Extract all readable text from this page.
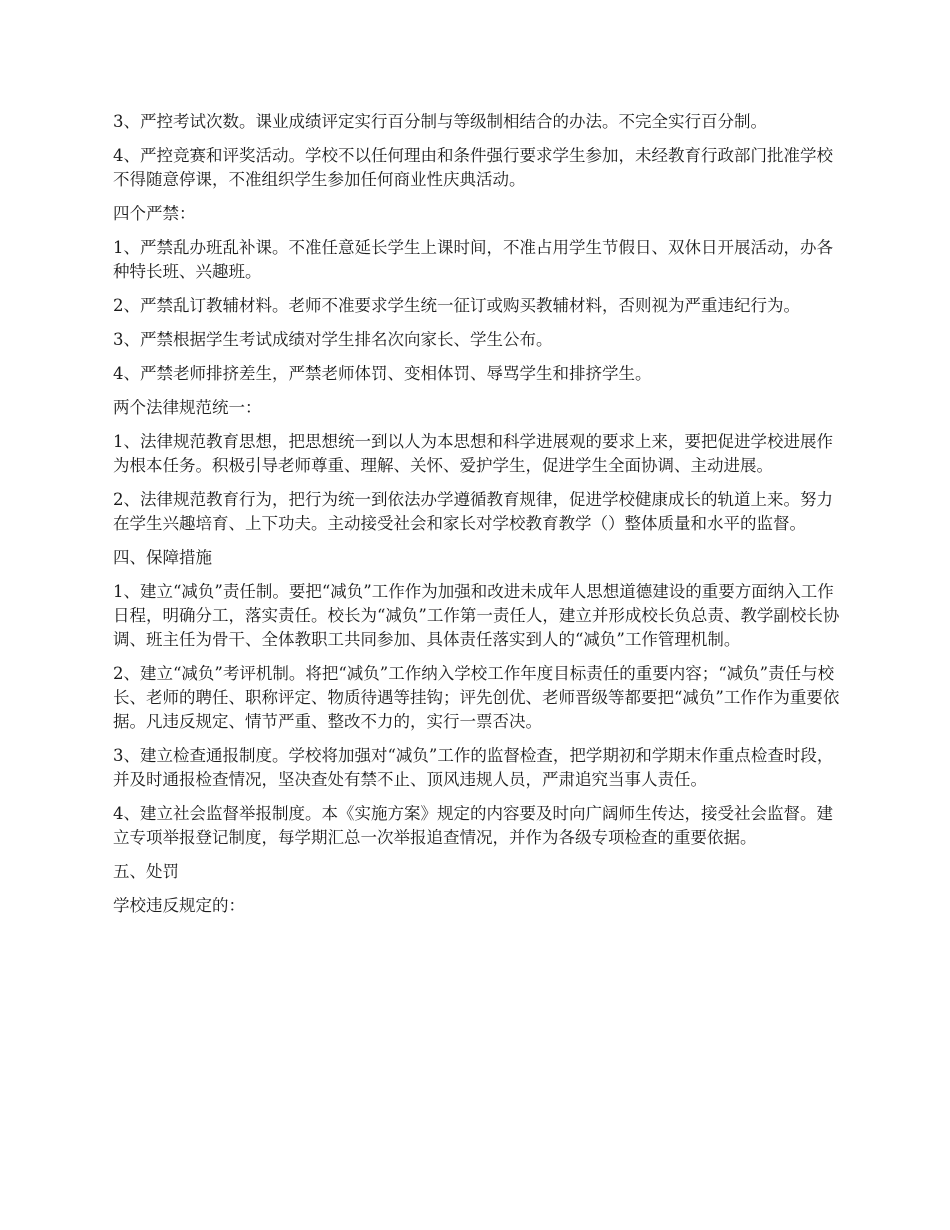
3、严控考试次数。课业成绩评定实行百分制与等级制相结合的办法。不完全实行百分制。

4、严控竞赛和评奖活动。学校不以任何理由和条件强行要求学生参加，未经教育行政部门批准学校不得随意停课，不准组织学生参加任何商业性庆典活动。

四个严禁：

1、严禁乱办班乱补课。不准任意延长学生上课时间，不准占用学生节假日、双休日开展活动，办各种特长班、兴趣班。

2、严禁乱订教辅材料。老师不准要求学生统一征订或购买教辅材料，否则视为严重违纪行为。

3、严禁根据学生考试成绩对学生排名次向家长、学生公布。

4、严禁老师排挤差生，严禁老师体罚、变相体罚、辱骂学生和排挤学生。

两个法律规范统一：

1、法律规范教育思想，把思想统一到以人为本思想和科学进展观的要求上来，要把促进学校进展作为根本任务。积极引导老师尊重、理解、关怀、爱护学生，促进学生全面协调、主动进展。

2、法律规范教育行为，把行为统一到依法办学遵循教育规律，促进学校健康成长的轨道上来。努力在学生兴趣培育、上下功夫。主动接受社会和家长对学校教育教学（）整体质量和水平的监督。

四、保障措施

1、建立“减负”责任制。要把“减负”工作作为加强和改进未成年人思想道德建设的重要方面纳入工作日程，明确分工，落实责任。校长为“减负”工作第一责任人，建立并形成校长负总责、教学副校长协调、班主任为骨干、全体教职工共同参加、具体责任落实到人的“减负”工作管理机制。

2、建立“减负”考评机制。将把“减负”工作纳入学校工作年度目标责任的重要内容；“减负”责任与校长、老师的聘任、职称评定、物质待遇等挂钩；评先创优、老师晋级等都要把“减负”工作作为重要依据。凡违反规定、情节严重、整改不力的，实行一票否决。

3、建立检查通报制度。学校将加强对“减负”工作的监督检查，把学期初和学期末作重点检查时段，并及时通报检查情况，坚决查处有禁不止、顶风违规人员，严肃追究当事人责任。

4、建立社会监督举报制度。本《实施方案》规定的内容要及时向广阔师生传达，接受社会监督。建立专项举报登记制度，每学期汇总一次举报追查情况，并作为各级专项检查的重要依据。

五、处罚

学校违反规定的：
